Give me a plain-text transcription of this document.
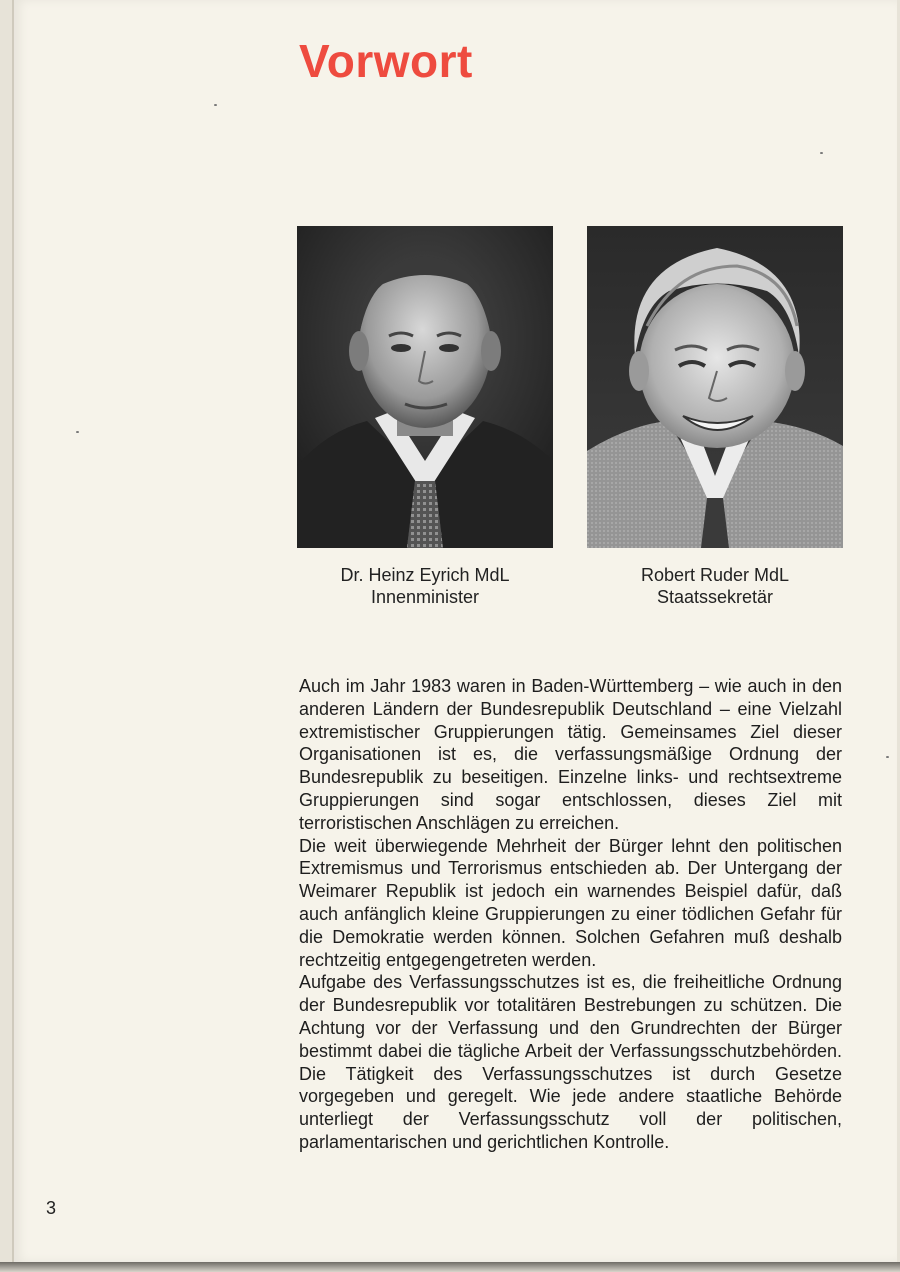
Vorwort
Dr. Heinz Eyrich MdL
Innenminister
Robert Ruder MdL
Staatssekretär

Auch im Jahr 1983 waren in Baden-Württemberg – wie auch in den anderen Ländern der Bundesrepublik Deutschland – eine Vielzahl extremistischer Gruppierungen tätig. Gemeinsames Ziel dieser Organisationen ist es, die verfassungsmäßige Ordnung der Bundesrepublik zu beseitigen. Einzelne links- und rechtsextreme Gruppierungen sind sogar entschlossen, dieses Ziel mit terroristischen Anschlägen zu erreichen.

Die weit überwiegende Mehrheit der Bürger lehnt den politischen Extremismus und Terrorismus entschieden ab. Der Untergang der Weimarer Republik ist jedoch ein warnendes Beispiel dafür, daß auch anfänglich kleine Gruppierungen zu einer tödlichen Gefahr für die Demokratie werden können. Solchen Gefahren muß deshalb rechtzeitig entgegengetreten werden.

Aufgabe des Verfassungsschutzes ist es, die freiheitliche Ordnung der Bundesrepublik vor totalitären Bestrebungen zu schützen. Die Achtung vor der Verfassung und den Grundrechten der Bürger bestimmt dabei die tägliche Arbeit der Verfassungsschutzbehörden. Die Tätigkeit des Verfassungsschutzes ist durch Gesetze vorgegeben und geregelt. Wie jede andere staatliche Behörde unterliegt der Verfassungsschutz voll der politischen, parlamentarischen und gerichtlichen Kontrolle.

3
